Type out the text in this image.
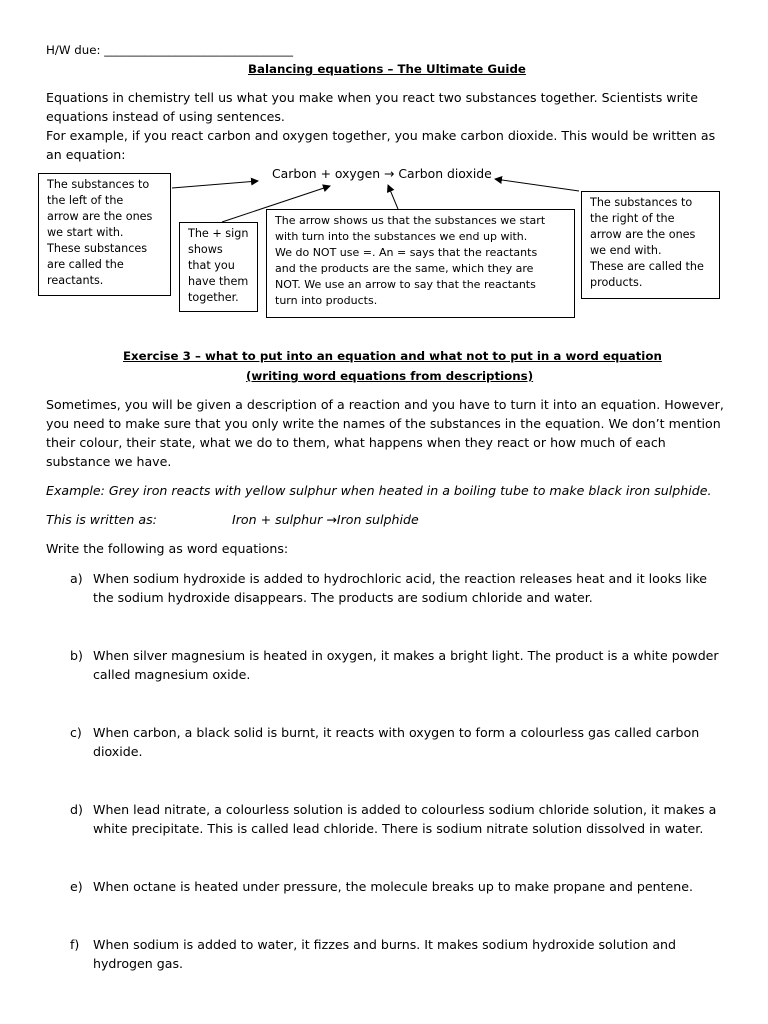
H/W due: ________________________________
Balancing equations – The Ultimate Guide
Equations in chemistry tell us what you make when you react two substances together. Scientists write
equations instead of using sentences.
For example, if you react carbon and oxygen together, you make carbon dioxide. This would be written as
an equation:
Carbon + oxygen → Carbon dioxide
The substances to
the left of the
arrow are the ones
we start with.
These substances
are called the
reactants.
The + sign
shows
that you
have them
together.
The arrow shows us that the substances we start
with turn into the substances we end up with.
We do NOT use =. An = says that the reactants
and the products are the same, which they are
NOT. We use an arrow to say that the reactants
turn into products.
The substances to
the right of the
arrow are the ones
we end with.
These are called the
products.
Exercise 3 – what to put into an equation and what not to put in a word equation
(writing word equations from descriptions)
Sometimes, you will be given a description of a reaction and you have to turn it into an equation. However,
you need to make sure that you only write the names of the substances in the equation. We don’t mention
their colour, their state, what we do to them, what happens when they react or how much of each
substance we have.
Example: Grey iron reacts with yellow sulphur when heated in a boiling tube to make black iron sulphide.
This is written as:	Iron + sulphur →Iron sulphide
Write the following as word equations:
a) When sodium hydroxide is added to hydrochloric acid, the reaction releases heat and it looks like
the sodium hydroxide disappears. The products are sodium chloride and water.
b) When silver magnesium is heated in oxygen, it makes a bright light. The product is a white powder
called magnesium oxide.
c) When carbon, a black solid is burnt, it reacts with oxygen to form a colourless gas called carbon
dioxide.
d) When lead nitrate, a colourless solution is added to colourless sodium chloride solution, it makes a
white precipitate. This is called lead chloride. There is sodium nitrate solution dissolved in water.
e) When octane is heated under pressure, the molecule breaks up to make propane and pentene.
f) When sodium is added to water, it fizzes and burns. It makes sodium hydroxide solution and
hydrogen gas.
